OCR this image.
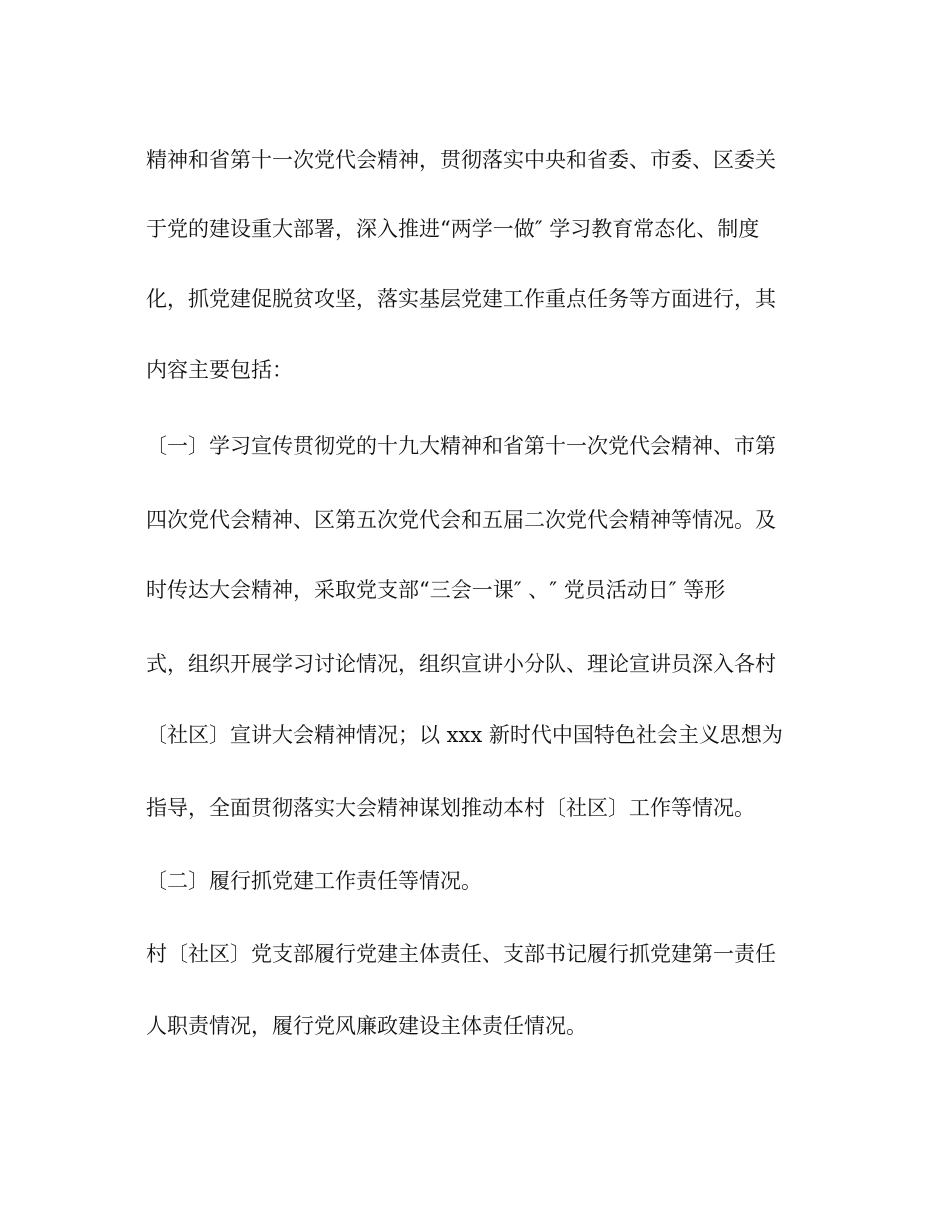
精神和省第十一次党代会精神，贯彻落实中央和省委、市委、区委关
于党的建设重大部署，深入推进“两学一做″ 学习教育常态化、制度
化，抓党建促脱贫攻坚，落实基层党建工作重点任务等方面进行，其
内容主要包括：
〔一〕学习宣传贯彻党的十九大精神和省第十一次党代会精神、市第
四次党代会精神、区第五次党代会和五届二次党代会精神等情况。及
时传达大会精神，采取党支部“三会一课″ 、″ 党员活动日″ 等形
式，组织开展学习讨论情况，组织宣讲小分队、理论宣讲员深入各村
〔社区〕宣讲大会精神情况；以 xxx 新时代中国特色社会主义思想为
指导，全面贯彻落实大会精神谋划推动本村〔社区〕工作等情况。
〔二〕履行抓党建工作责任等情况。
村〔社区〕党支部履行党建主体责任、支部书记履行抓党建第一责任
人职责情况，履行党风廉政建设主体责任情况。
